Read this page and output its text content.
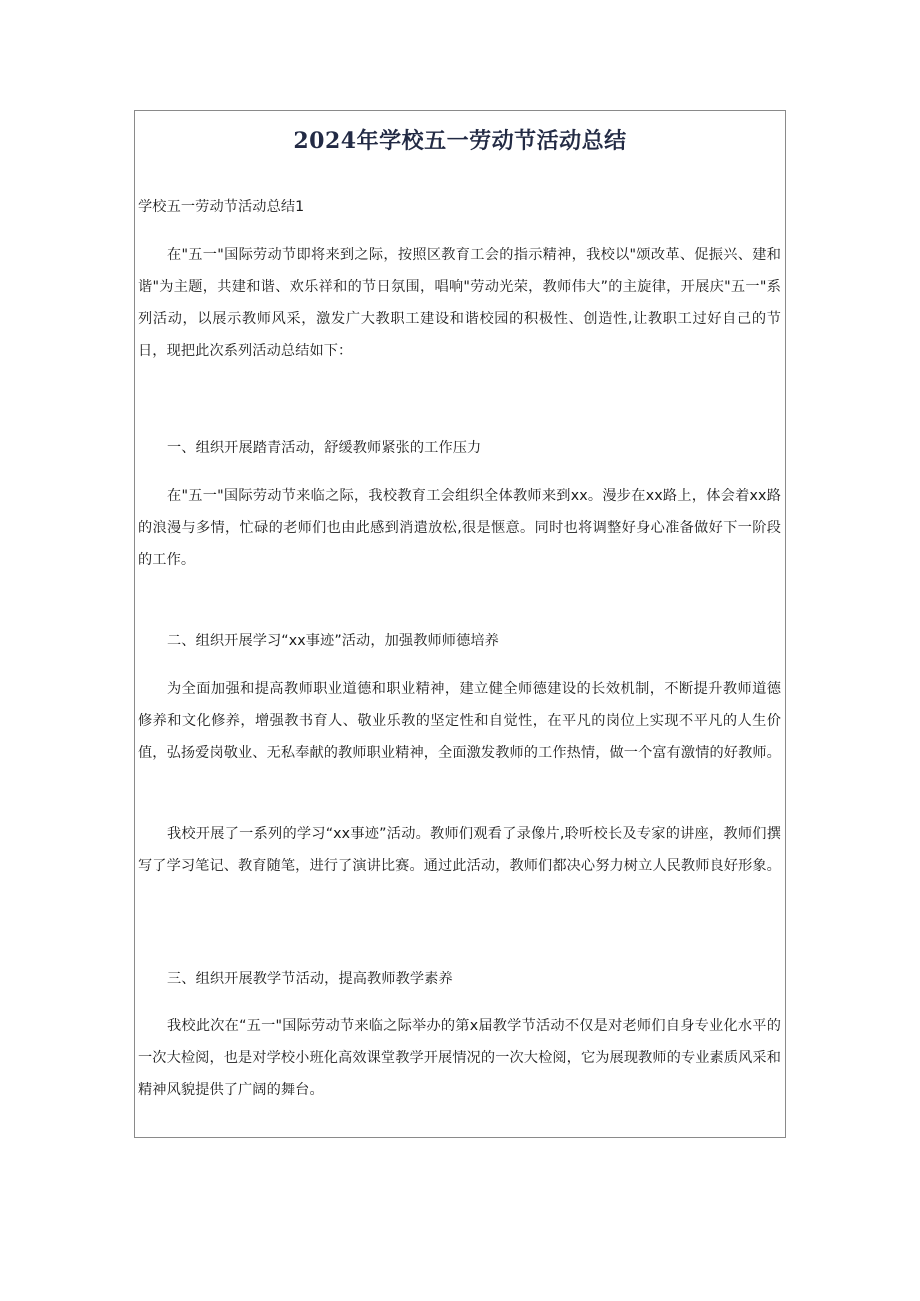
2024年学校五一劳动节活动总结

学校五一劳动节活动总结1

在"五一"国际劳动节即将来到之际，按照区教育工会的指示精神，我校以"颂改革、促振兴、建和谐"为主题，共建和谐、欢乐祥和的节日氛围，唱响"劳动光荣，教师伟大”的主旋律，开展庆"五一"系列活动，以展示教师风采，激发广大教职工建设和谐校园的积极性、创造性,让教职工过好自己的节日，现把此次系列活动总结如下：

一、组织开展踏青活动，舒缓教师紧张的工作压力

在"五一"国际劳动节来临之际，我校教育工会组织全体教师来到xx。漫步在xx路上，体会着xx路的浪漫与多情，忙碌的老师们也由此感到消遣放松,很是惬意。同时也将调整好身心准备做好下一阶段的工作。

二、组织开展学习“xx事迹”活动，加强教师师德培养

为全面加强和提高教师职业道德和职业精神，建立健全师德建设的长效机制，不断提升教师道德修养和文化修养，增强教书育人、敬业乐教的坚定性和自觉性，在平凡的岗位上实现不平凡的人生价值，弘扬爱岗敬业、无私奉献的教师职业精神，全面激发教师的工作热情，做一个富有激情的好教师。

我校开展了一系列的学习“xx事迹”活动。教师们观看了录像片,聆听校长及专家的讲座，教师们撰写了学习笔记、教育随笔，进行了演讲比赛。通过此活动，教师们都决心努力树立人民教师良好形象。

三、组织开展教学节活动，提高教师教学素养

我校此次在“五一"国际劳动节来临之际举办的第x届教学节活动不仅是对老师们自身专业化水平的一次大检阅，也是对学校小班化高效课堂教学开展情况的一次大检阅，它为展现教师的专业素质风采和精神风貌提供了广阔的舞台。
